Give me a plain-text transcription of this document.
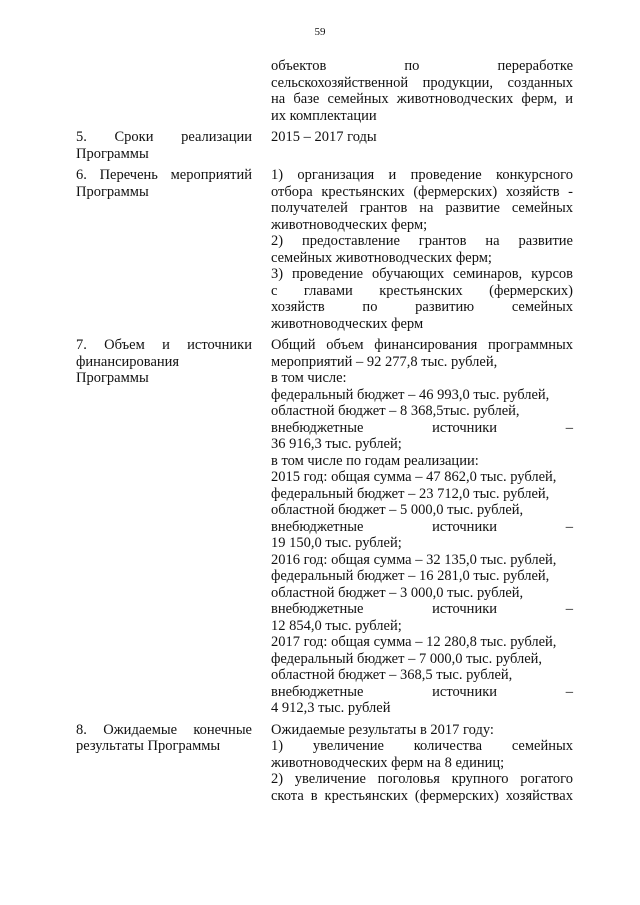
59
объектов по переработке
сельскохозяйственной продукции, созданных
на базе семейных животноводческих ферм, и
их комплектации
5. Сроки реализации
Программы
2015 – 2017 годы
6. Перечень мероприятий
Программы
1) организация и проведение конкурсного
отбора крестьянских (фермерских) хозяйств -
получателей грантов на развитие семейных
животноводческих ферм;
2) предоставление грантов на развитие
семейных животноводческих ферм;
3) проведение обучающих семинаров, курсов
с главами крестьянских (фермерских)
хозяйств по развитию семейных
животноводческих ферм
7. Объем и источники
финансирования
Программы
Общий объем финансирования программных
мероприятий – 92 277,8 тыс. рублей,
в том числе:
федеральный бюджет – 46 993,0 тыс. рублей,
областной бюджет – 8 368,5тыс. рублей,
внебюджетные источники –
36 916,3 тыс. рублей;
в том числе по годам реализации:
2015 год: общая сумма – 47 862,0 тыс. рублей,
федеральный бюджет – 23 712,0 тыс. рублей,
областной бюджет – 5 000,0 тыс. рублей,
внебюджетные источники –
19 150,0 тыс. рублей;
2016 год: общая сумма – 32 135,0 тыс. рублей,
федеральный бюджет – 16 281,0 тыс. рублей,
областной бюджет – 3 000,0 тыс. рублей,
внебюджетные источники –
12 854,0 тыс. рублей;
2017 год: общая сумма – 12 280,8 тыс. рублей,
федеральный бюджет – 7 000,0 тыс. рублей,
областной бюджет – 368,5 тыс. рублей,
внебюджетные источники –
4 912,3 тыс. рублей
8. Ожидаемые конечные
результаты Программы
Ожидаемые результаты в 2017 году:
1) увеличение количества семейных
животноводческих ферм на 8 единиц;
2) увеличение поголовья крупного рогатого
скота в крестьянских (фермерских) хозяйствах
